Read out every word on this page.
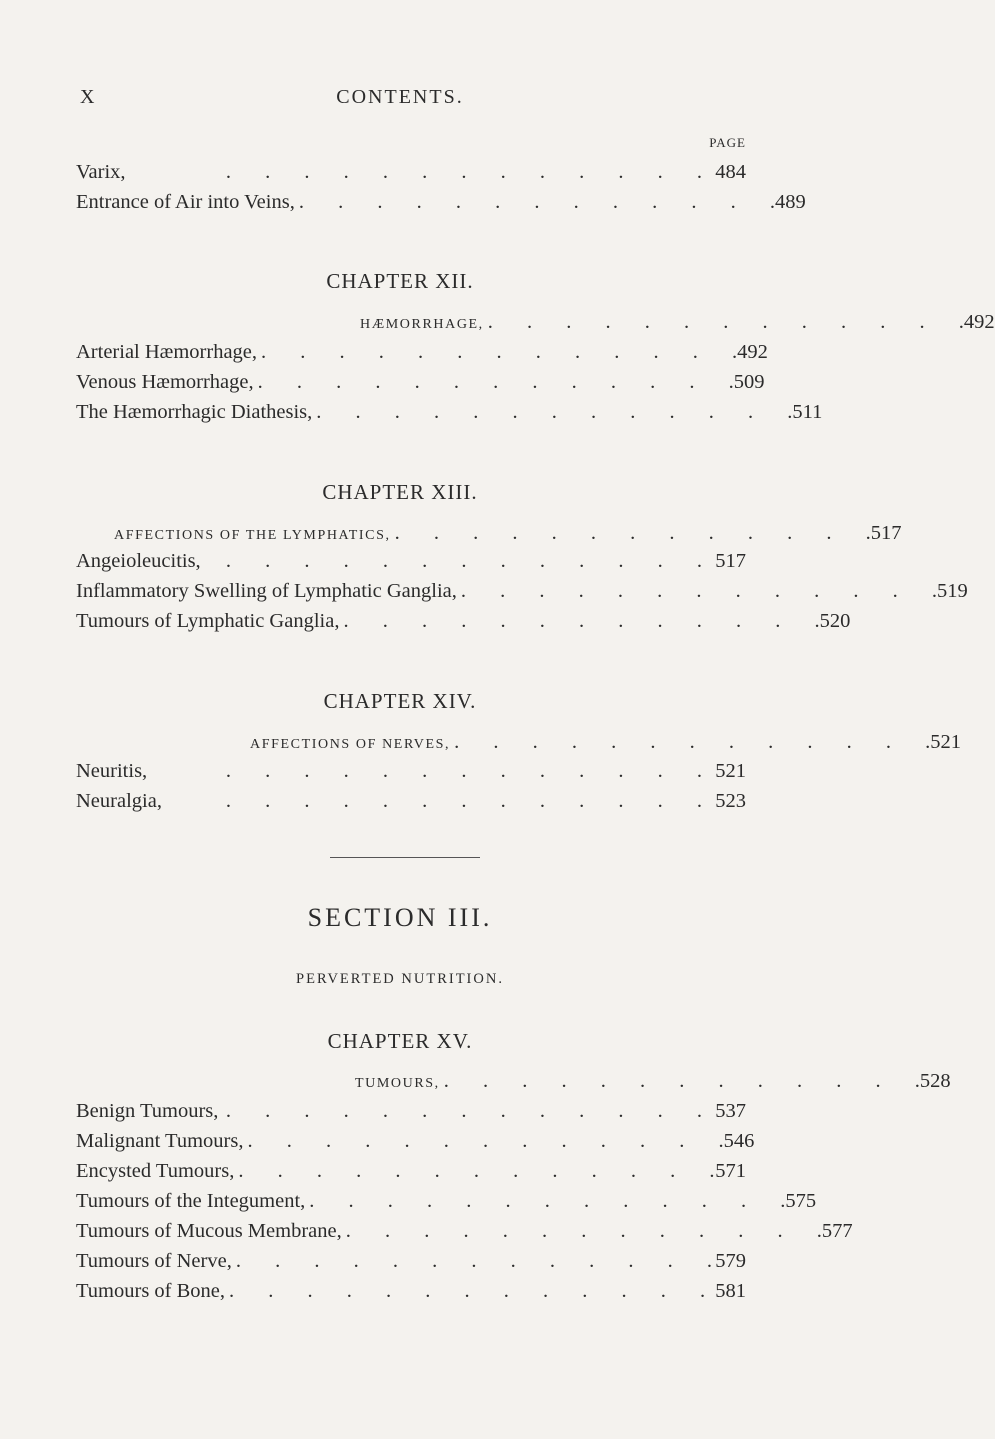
X	CONTENTS.
PAGE
Varix,	. . . . . . . . . . . . . 484
Entrance of Air into Veins, . . . . . . . . . . . . . 489
CHAPTER XII.
HÆMORRHAGE, . . . . . . . . . . . . . 492
Arterial Hæmorrhage, . . . . . . . . . . . . . 492
Venous Hæmorrhage, . . . . . . . . . . . . . 509
The Hæmorrhagic Diathesis, . . . . . . . . . . . . . 511
CHAPTER XIII.
AFFECTIONS OF THE LYMPHATICS, . . . . . . . . . . . . . 517
Angeioleucitis,	. . . . . . . . . . . . . 517
Inflammatory Swelling of Lymphatic Ganglia, . . . . . . . . . . . . . 519
Tumours of Lymphatic Ganglia, . . . . . . . . . . . . . 520
CHAPTER XIV.
AFFECTIONS OF NERVES, . . . . . . . . . . . . . 521
Neuritis,	. . . . . . . . . . . . . 521
Neuralgia,	. . . . . . . . . . . . . 523
SECTION III.
PERVERTED NUTRITION.
CHAPTER XV.
TUMOURS, . . . . . . . . . . . . . 528
Benign Tumours, . . . . . . . . . . . . . 537
Malignant Tumours, . . . . . . . . . . . . . 546
Encysted Tumours, . . . . . . . . . . . . . 571
Tumours of the Integument, . . . . . . . . . . . . . 575
Tumours of Mucous Membrane, . . . . . . . . . . . . . 577
Tumours of Nerve, . . . . . . . . . . . . . 579
Tumours of Bone, . . . . . . . . . . . . . 581
